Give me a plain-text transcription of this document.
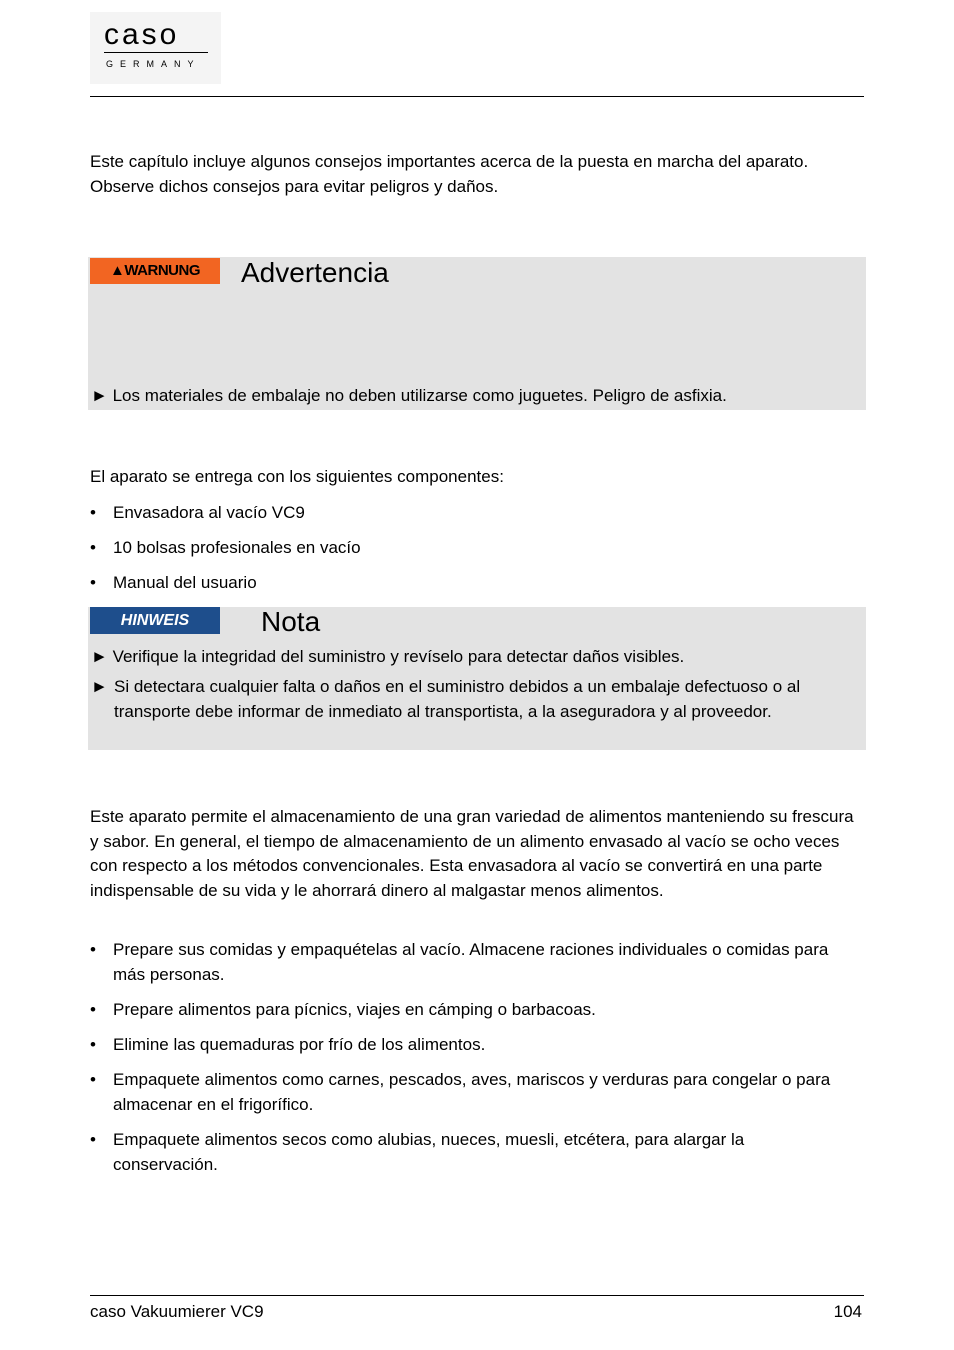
caso
GERMANY
Este capítulo incluye algunos consejos importantes acerca de la puesta en marcha del aparato. Observe dichos consejos para evitar peligros y daños.
▲WARNUNG	Advertencia
► Los materiales de embalaje no deben utilizarse como juguetes. Peligro de asfixia.
El aparato se entrega con los siguientes componentes:
• Envasadora al vacío VC9
• 10 bolsas profesionales en vacío
• Manual del usuario
HINWEIS	Nota
► Verifique la integridad del suministro y revíselo para detectar daños visibles.
► Si detectara cualquier falta o daños en el suministro debidos a un embalaje defectuoso o al transporte debe informar de inmediato al transportista, a la aseguradora y al proveedor.
Este aparato permite el almacenamiento de una gran variedad de alimentos manteniendo su frescura y sabor. En general, el tiempo de almacenamiento de un alimento envasado al vacío se ocho veces con respecto a los métodos convencionales. Esta envasadora al vacío se convertirá en una parte indispensable de su vida y le ahorrará dinero al malgastar menos alimentos.
•	Prepare sus comidas y empaquételas al vacío. Almacene raciones individuales o comidas para más personas.
•	Prepare alimentos para pícnics, viajes en cámping o barbacoas.
•	Elimine las quemaduras por frío de los alimentos.
•	Empaquete alimentos como carnes, pescados, aves, mariscos y verduras para congelar o para almacenar en el frigorífico.
•	Empaquete alimentos secos como alubias, nueces, muesli, etcétera, para alargar la conservación.
caso Vakuumierer VC9	104
